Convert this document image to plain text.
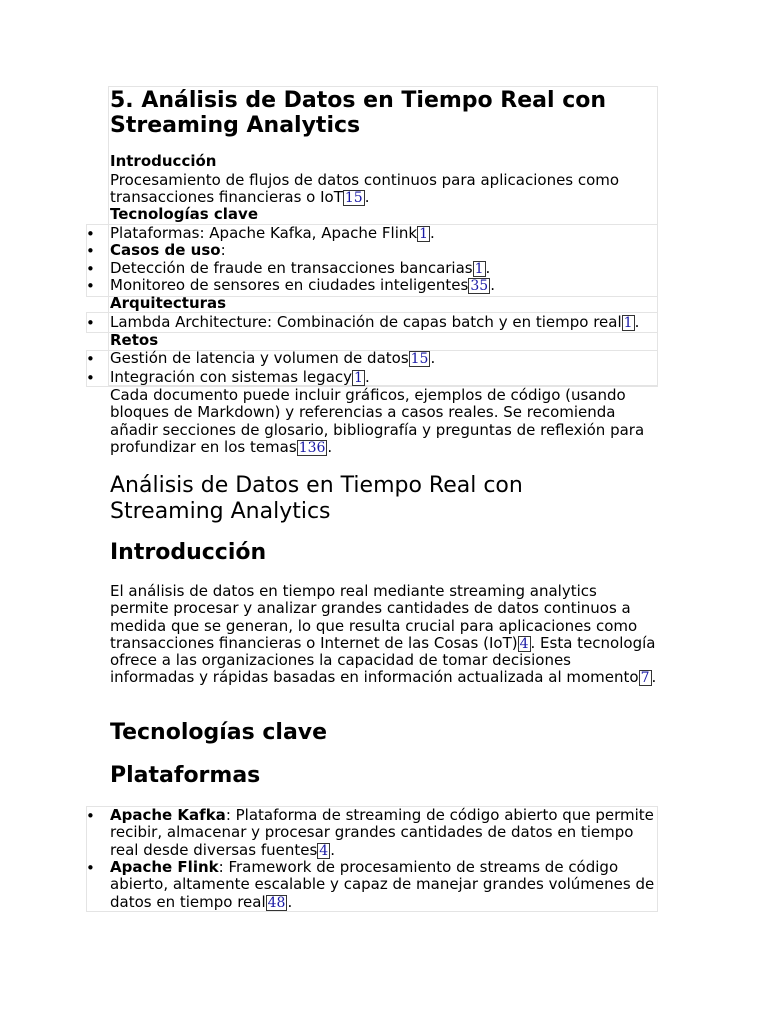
5. Análisis de Datos en Tiempo Real con Streaming Analytics
Introducción
Procesamiento de flujos de datos continuos para aplicaciones como transacciones financieras o IoT 15 .
Tecnologías clave
• Plataformas: Apache Kafka, Apache Flink 1 .
• Casos de uso:
• Detección de fraude en transacciones bancarias 1 .
• Monitoreo de sensores en ciudades inteligentes 35 .
Arquitecturas
• Lambda Architecture: Combinación de capas batch y en tiempo real 1 .
Retos
• Gestión de latencia y volumen de datos 15 .
• Integración con sistemas legacy 1 .
Cada documento puede incluir gráficos, ejemplos de código (usando bloques de Markdown) y referencias a casos reales. Se recomienda añadir secciones de glosario, bibliografía y preguntas de reflexión para profundizar en los temas 136 .
Análisis de Datos en Tiempo Real con Streaming Analytics
Introducción
El análisis de datos en tiempo real mediante streaming analytics permite procesar y analizar grandes cantidades de datos continuos a medida que se generan, lo que resulta crucial para aplicaciones como transacciones financieras o Internet de las Cosas (IoT) 4 . Esta tecnología ofrece a las organizaciones la capacidad de tomar decisiones informadas y rápidas basadas en información actualizada al momento 7 .
Tecnologías clave
Plataformas
• Apache Kafka: Plataforma de streaming de código abierto que permite recibir, almacenar y procesar grandes cantidades de datos en tiempo real desde diversas fuentes 4 .
• Apache Flink: Framework de procesamiento de streams de código abierto, altamente escalable y capaz de manejar grandes volúmenes de datos en tiempo real 48 .
